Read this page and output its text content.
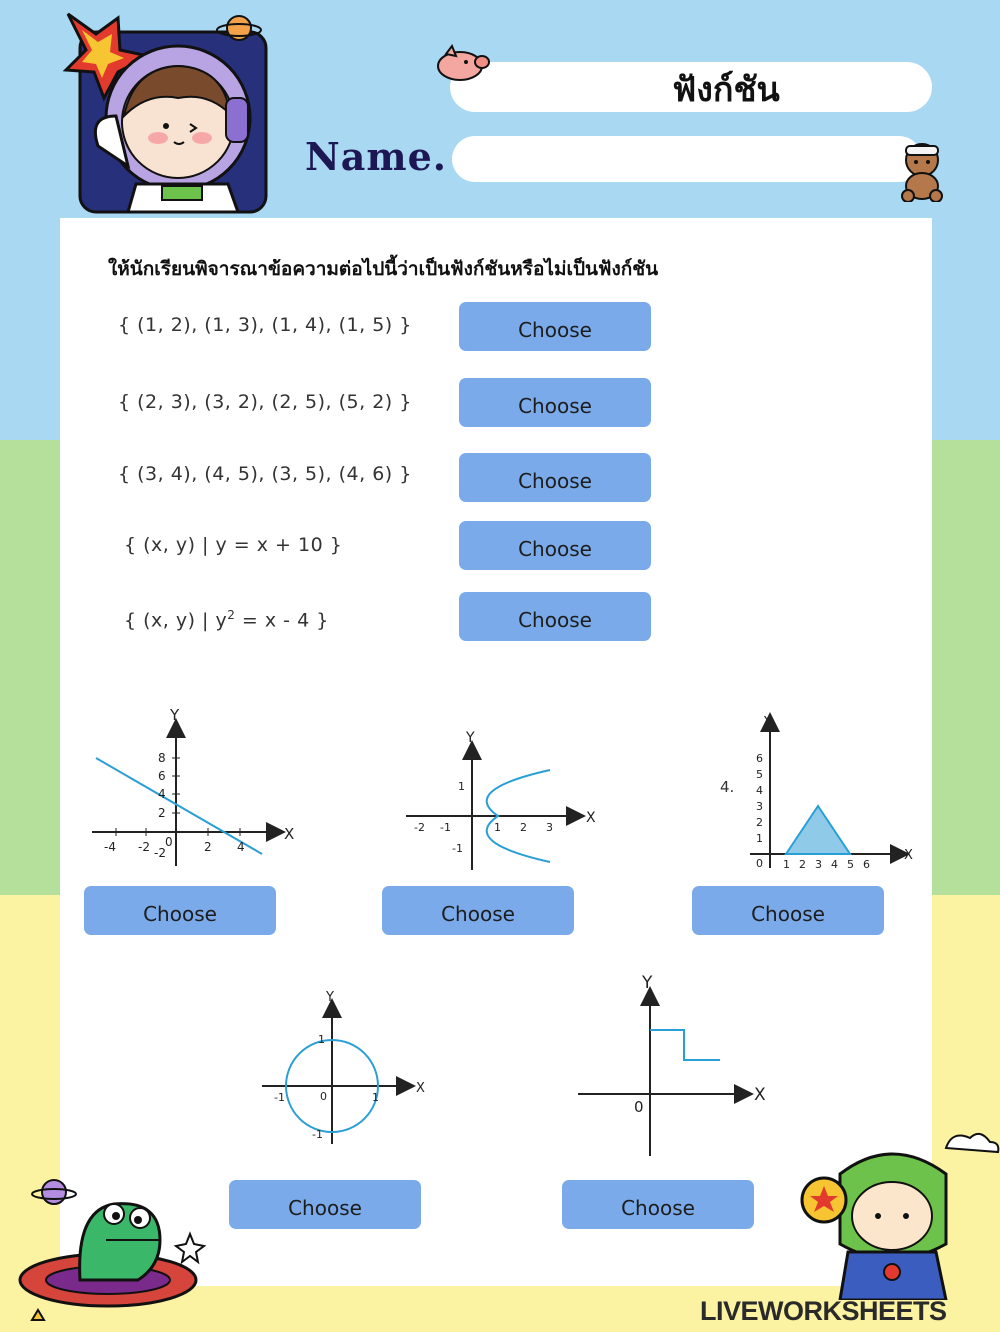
ฟังก์ชัน
Name.
ให้นักเรียนพิจารณาข้อความต่อไปนี้ว่าเป็นฟังก์ชันหรือไม่เป็นฟังก์ชัน
{ (1, 2), (1, 3), (1, 4), (1, 5) }	Choose
{ (2, 3), (3, 2), (2, 5), (5, 2) }	Choose
{ (3, 4), (4, 5), (3, 5), (4, 6) }	Choose
{ (x, y) | y = x + 10 }	Choose
{ (x, y) | $y^2 = x - 4$ }	Choose
X
Y
-4 -2	2 4
8
6
4
2
-2
0
Choose
X
Y
-2 -1	1 2 3
1
-1
Choose
4.
X
Y
0 1 2 3 4 5 6
6
5
4
3
2
1
Choose
X
Y
0
-1	1
1
-1
Choose
X
Y
0
Choose
LIVEWORKSHEETS
